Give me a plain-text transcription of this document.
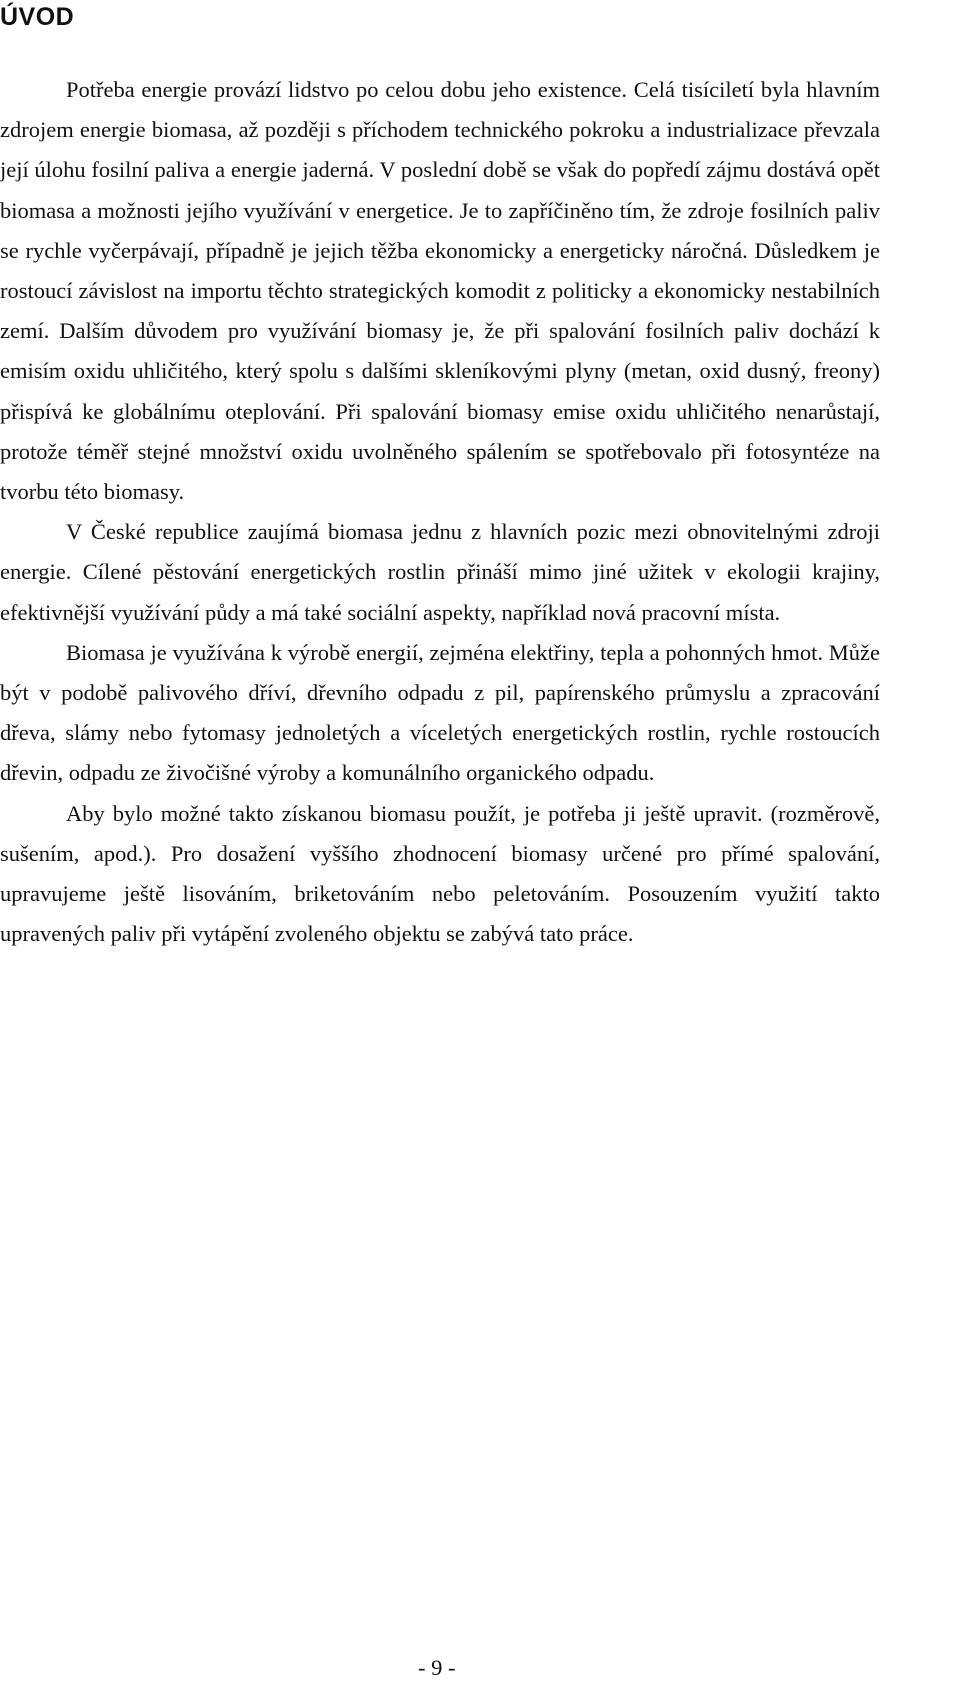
ÚVOD

Potřeba energie provází lidstvo po celou dobu jeho existence. Celá tisíciletí byla hlavním zdrojem energie biomasa, až později s příchodem technického pokroku a industrializace převzala její úlohu fosilní paliva a energie jaderná. V poslední době se však do popředí zájmu dostává opět biomasa a možnosti jejího využívání v energetice. Je to zapříčiněno tím, že zdroje fosilních paliv se rychle vyčerpávají, případně je jejich těžba ekonomicky a energeticky náročná. Důsledkem je rostoucí závislost na importu těchto strategických komodit z politicky a ekonomicky nestabilních zemí. Dalším důvodem pro využívání biomasy je, že při spalování fosilních paliv dochází k emisím oxidu uhličitého, který spolu s dalšími skleníkovými plyny (metan, oxid dusný, freony) přispívá ke globálnímu oteplování. Při spalování biomasy emise oxidu uhličitého nenarůstají, protože téměř stejné množství oxidu uvolněného spálením se spotřebovalo při fotosyntéze na tvorbu této biomasy.

V České republice zaujímá biomasa jednu z hlavních pozic mezi obnovitelnými zdroji energie. Cílené pěstování energetických rostlin přináší mimo jiné užitek v ekologii krajiny, efektivnější využívání půdy a má také sociální aspekty, například nová pracovní místa.

Biomasa je využívána k výrobě energií, zejména elektřiny, tepla a pohonných hmot. Může být v podobě palivového dříví, dřevního odpadu z pil, papírenského průmyslu a zpracování dřeva, slámy nebo fytomasy jednoletých a víceletých energetických rostlin, rychle rostoucích dřevin, odpadu ze živočišné výroby a komunálního organického odpadu.

Aby bylo možné takto získanou biomasu použít, je potřeba ji ještě upravit. (rozměrově, sušením, apod.). Pro dosažení vyššího zhodnocení biomasy určené pro přímé spalování, upravujeme ještě lisováním, briketováním nebo peletováním. Posouzením využití takto upravených paliv při vytápění zvoleného objektu se zabývá tato práce.

- 9 -
